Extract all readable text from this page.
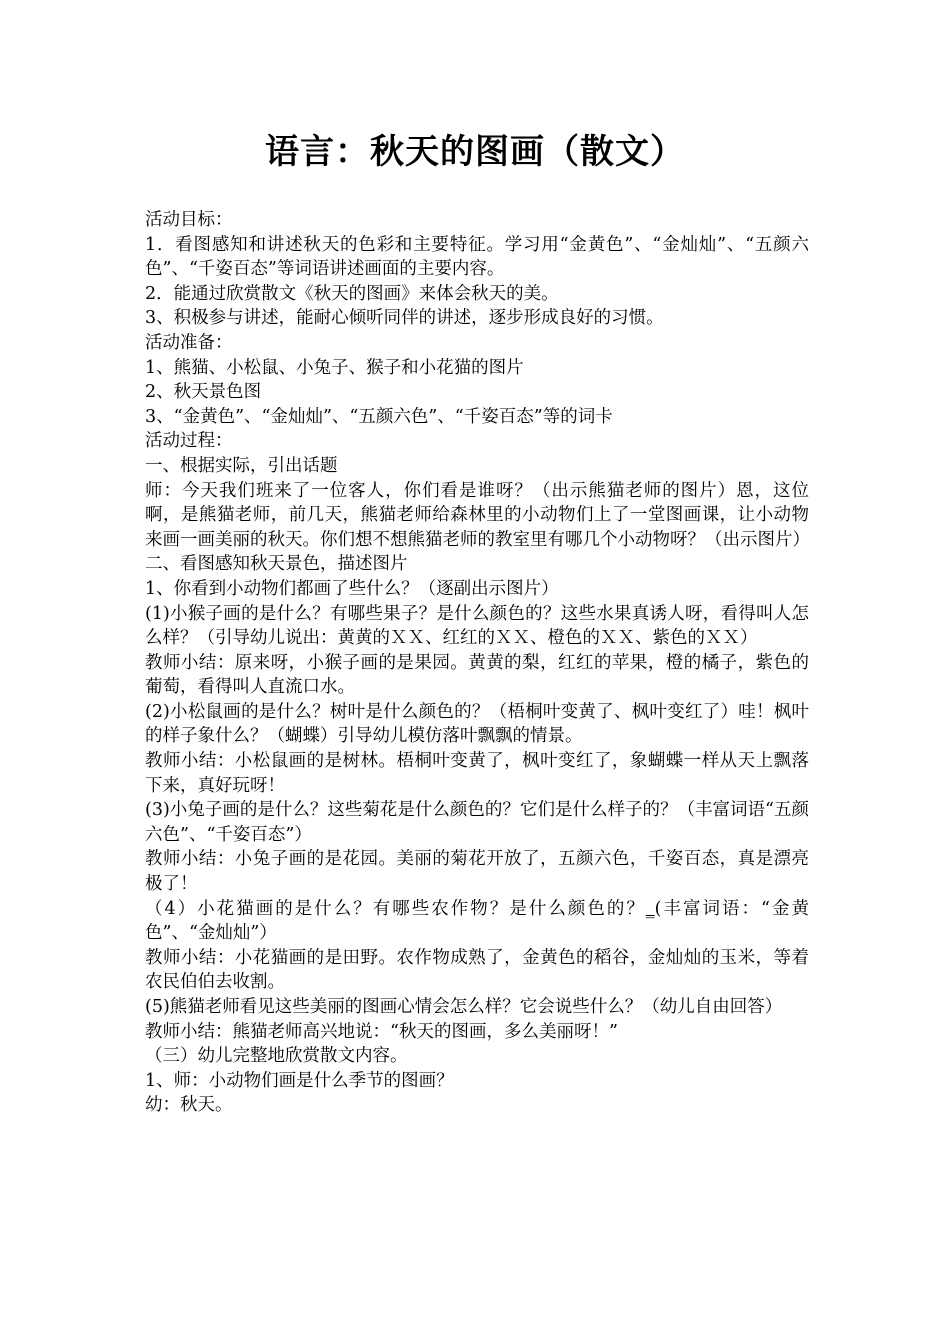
语言：秋天的图画（散文）

活动目标：

1．看图感知和讲述秋天的色彩和主要特征。学习用“金黄色”、“金灿灿”、“五颜六色”、“千姿百态”等词语讲述画面的主要内容。

2．能通过欣赏散文《秋天的图画》来体会秋天的美。

3、积极参与讲述，能耐心倾听同伴的讲述，逐步形成良好的习惯。

活动准备：

1、熊猫、小松鼠、小兔子、猴子和小花猫的图片

2、秋天景色图

3、“金黄色”、“金灿灿”、“五颜六色”、“千姿百态”等的词卡

活动过程：

一、根据实际，引出话题

师：今天我们班来了一位客人，你们看是谁呀？（出示熊猫老师的图片）恩，这位啊，是熊猫老师，前几天，熊猫老师给森林里的小动物们上了一堂图画课，让小动物来画一画美丽的秋天。你们想不想熊猫老师的教室里有哪几个小动物呀？（出示图片）

二、看图感知秋天景色，描述图片

1、你看到小动物们都画了些什么？（逐副出示图片）

(1)小猴子画的是什么？有哪些果子？是什么颜色的？这些水果真诱人呀，看得叫人怎么样？（引导幼儿说出：黄黄的ＸＸ、红红的ＸＸ、橙色的ＸＸ、紫色的ＸＸ）

教师小结：原来呀，小猴子画的是果园。黄黄的梨，红红的苹果，橙的橘子，紫色的葡萄，看得叫人直流口水。

(2)小松鼠画的是什么？树叶是什么颜色的？（梧桐叶变黄了、枫叶变红了）哇！枫叶的样子象什么？（蝴蝶）引导幼儿模仿落叶飘飘的情景。

教师小结：小松鼠画的是树林。梧桐叶变黄了，枫叶变红了，象蝴蝶一样从天上飘落下来，真好玩呀！

(3)小兔子画的是什么？这些菊花是什么颜色的？它们是什么样子的？（丰富词语“五颜六色”、“千姿百态”）

教师小结：小兔子画的是花园。美丽的菊花开放了，五颜六色，千姿百态，真是漂亮极了！

（4）小花猫画的是什么？有哪些农作物？是什么颜色的？_(丰富词语：“金黄色”、“金灿灿”）

教师小结：小花猫画的是田野。农作物成熟了，金黄色的稻谷，金灿灿的玉米，等着农民伯伯去收割。

(5)熊猫老师看见这些美丽的图画心情会怎么样？它会说些什么？（幼儿自由回答）

教师小结：熊猫老师高兴地说：“秋天的图画，多么美丽呀！”

（三）幼儿完整地欣赏散文内容。

1、师：小动物们画是什么季节的图画？

幼：秋天。
